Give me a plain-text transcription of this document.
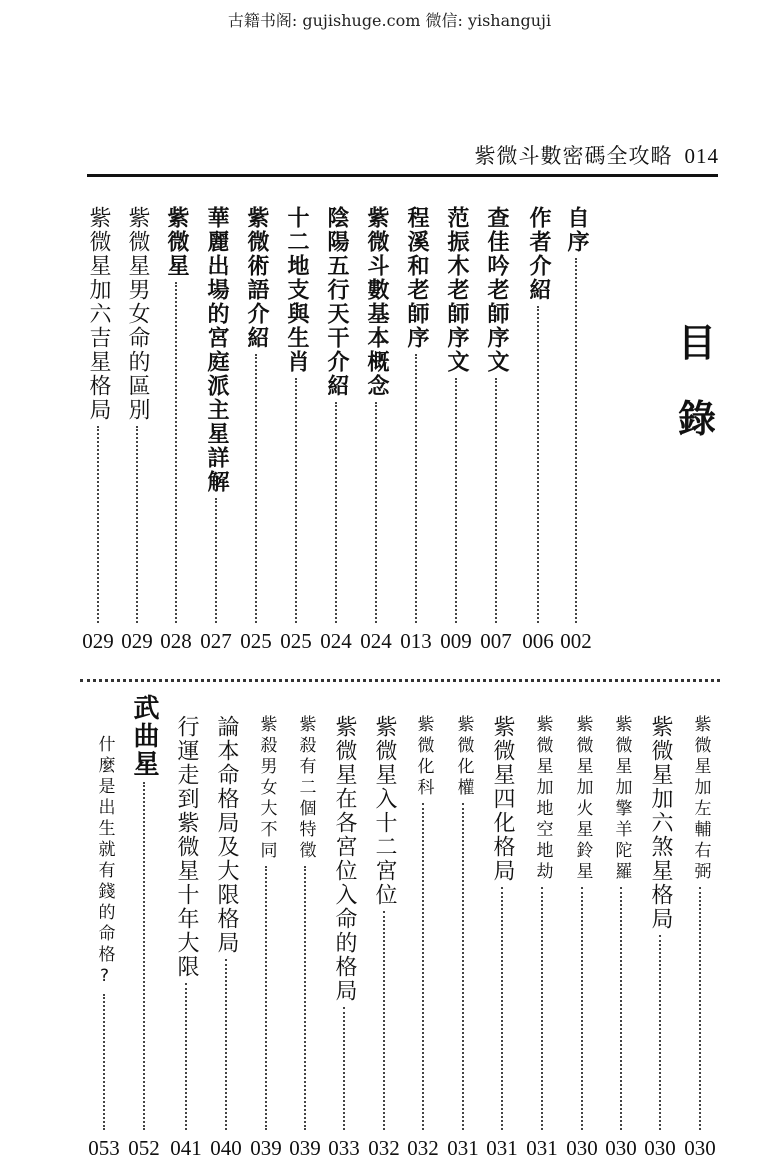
古籍书阁: gujishuge.com 微信: yishanguji
紫微斗數密碼全攻略 014
目
錄
自序
002
作者介紹
006
查佳吟老師序文
007
范振木老師序文
009
程溪和老師序
013
紫微斗數基本概念
024
陰陽五行天干介紹
024
十二地支與生肖
025
紫微術語介紹
025
華麗出場的宮庭派主星詳解
027
紫微星
028
紫微星男女命的區別
029
紫微星加六吉星格局
029
紫微星加左輔右弼
030
紫微星加六煞星格局
030
紫微星加擎羊陀羅
030
紫微星加火星鈴星
030
紫微星加地空地劫
031
紫微星四化格局
031
紫微化權
031
紫微化科
032
紫微星入十二宮位
032
紫微星在各宮位入命的格局
033
紫殺有二個特徵
039
紫殺男女大不同
039
論本命格局及大限格局
040
行運走到紫微星十年大限
041
武曲星
052
什麼是出生就有錢的命格?
053
